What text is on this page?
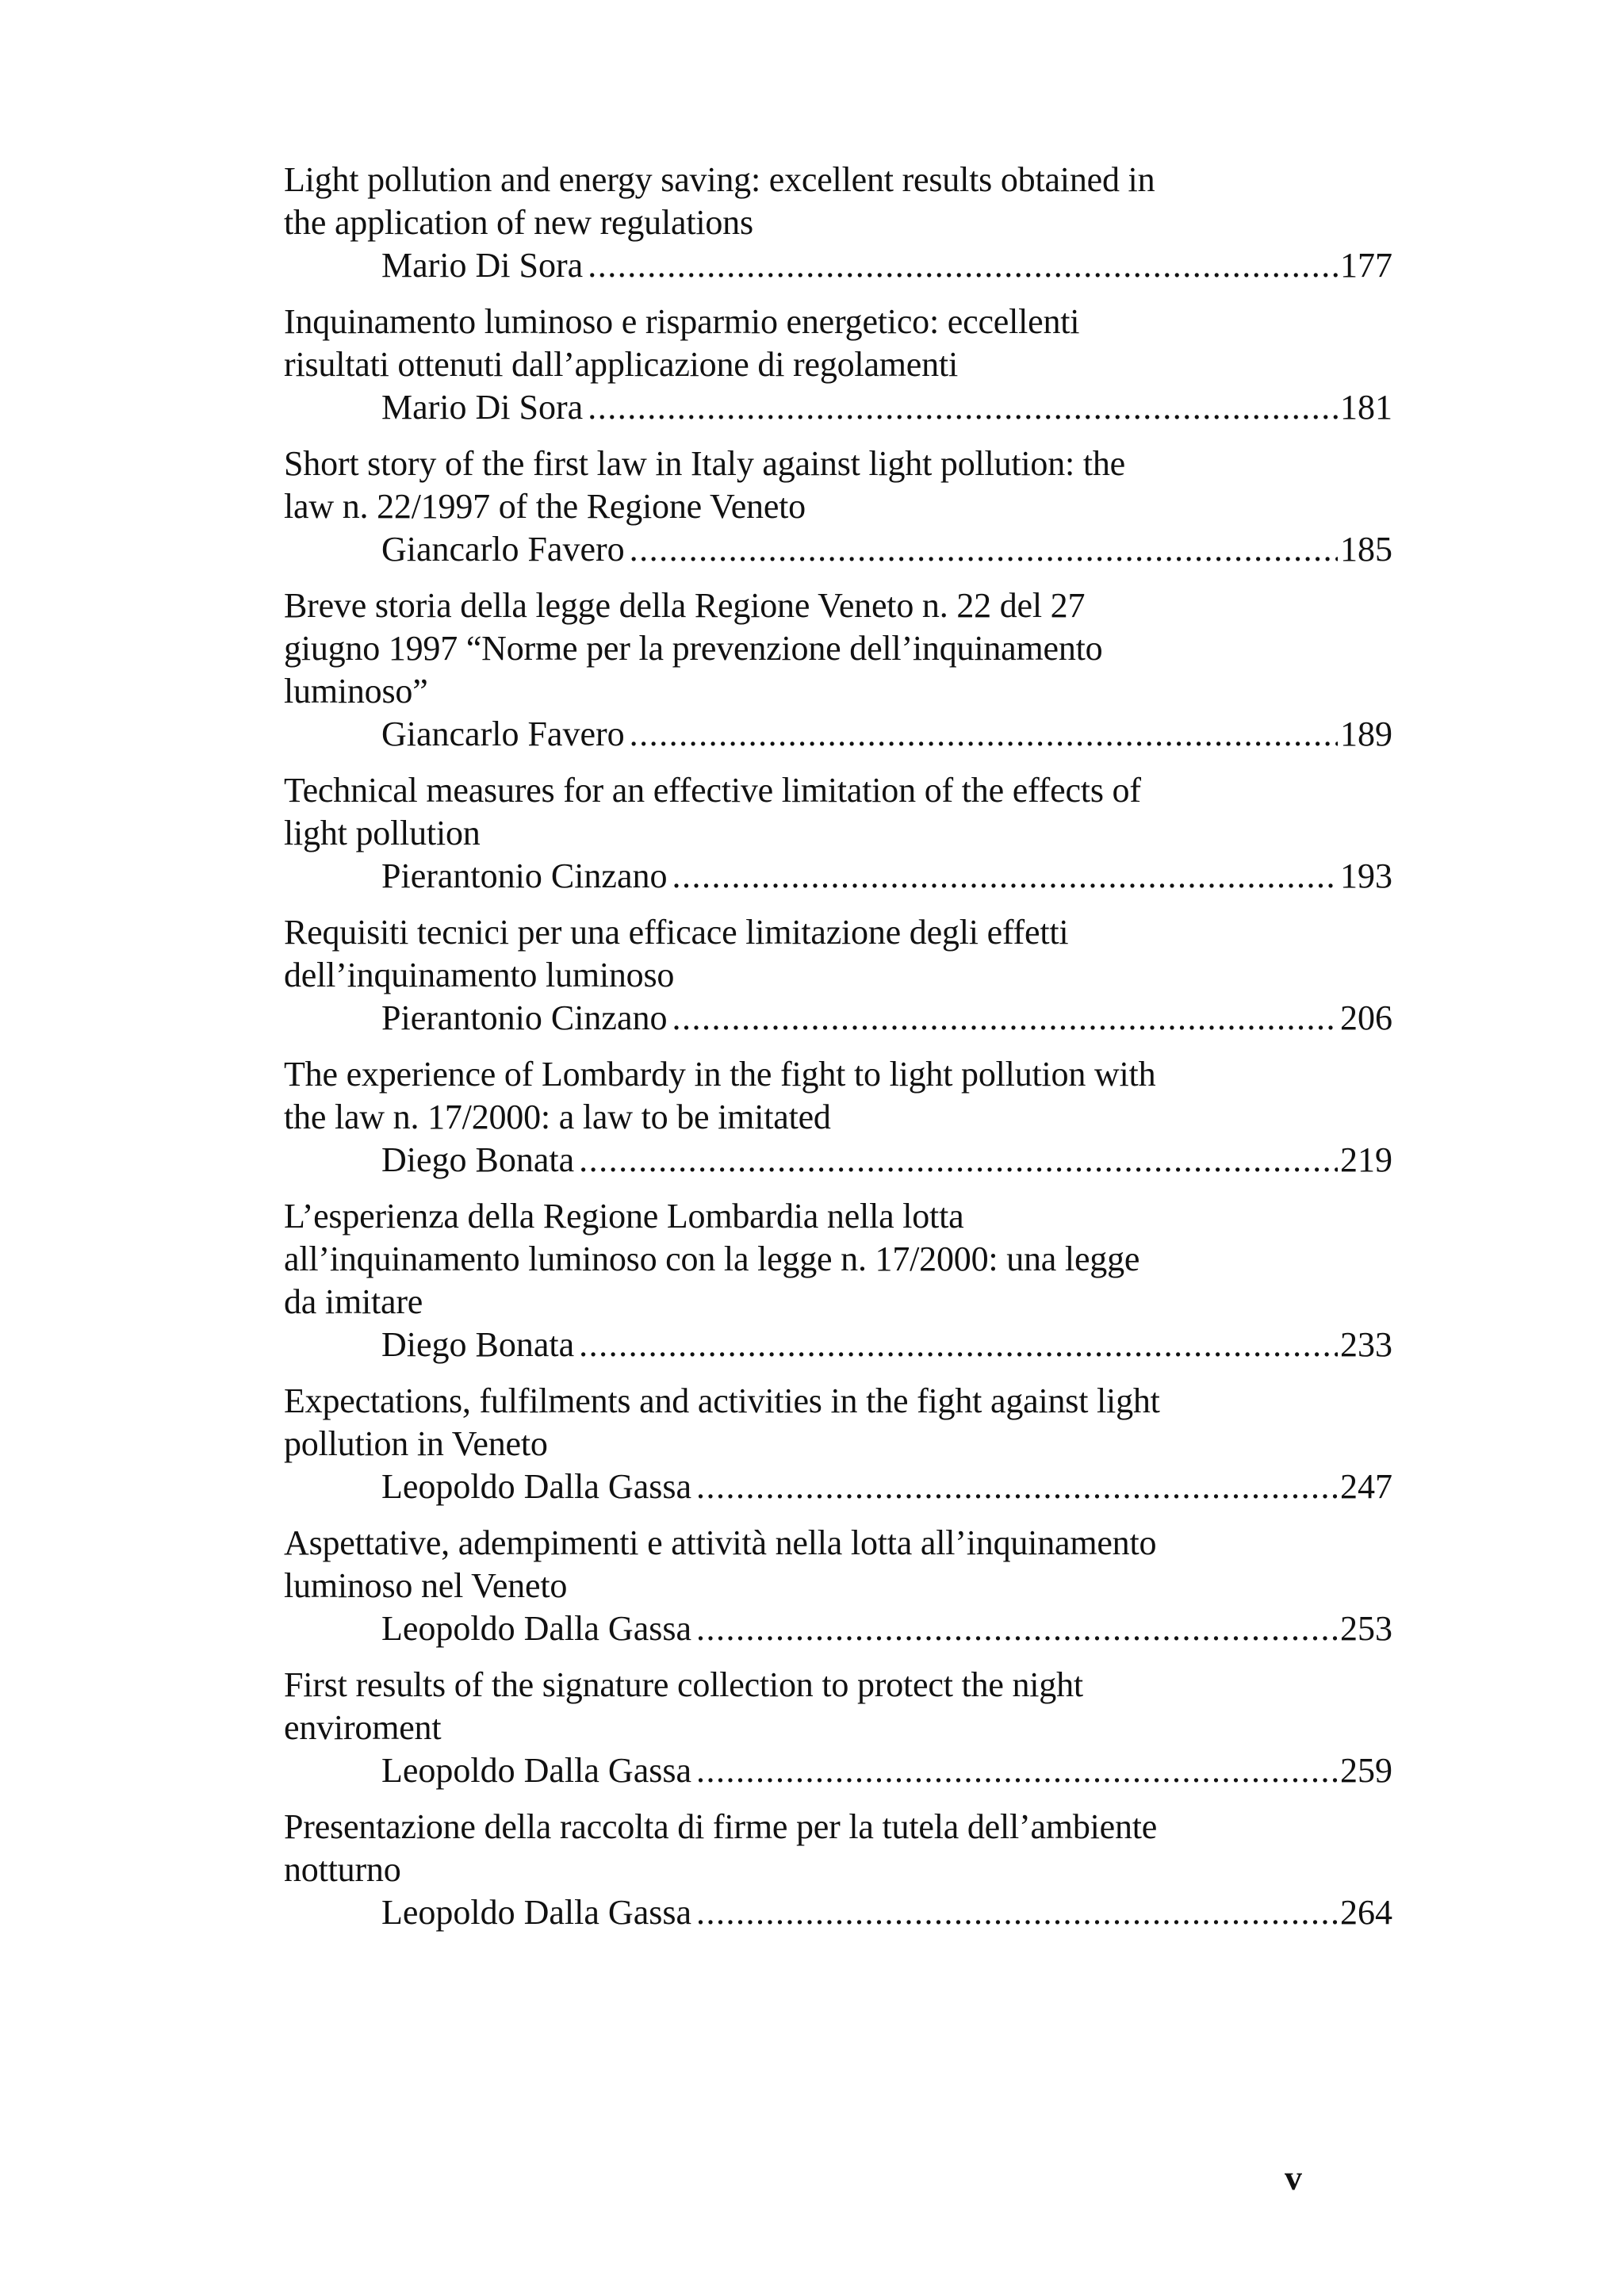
Light pollution and energy saving: excellent results obtained in
the application of new regulations
Mario Di Sora .....	177
Inquinamento luminoso e risparmio energetico: eccellenti
risultati ottenuti dall’applicazione di regolamenti
Mario Di Sora .....	181
Short story of the first law in Italy against light pollution: the
law n. 22/1997 of the Regione Veneto
Giancarlo Favero .....	185
Breve storia della legge della Regione Veneto n. 22 del 27
giugno 1997 “Norme per la prevenzione dell’inquinamento
luminoso”
Giancarlo Favero .....	189
Technical measures for an effective limitation of the effects of
light pollution
Pierantonio Cinzano .....	193
Requisiti tecnici per una efficace limitazione degli effetti
dell’inquinamento luminoso
Pierantonio Cinzano .....	206
The experience of Lombardy in the fight to light pollution with
the law n. 17/2000: a law to be imitated
Diego Bonata .....	219
L’esperienza della Regione Lombardia nella lotta
all’inquinamento luminoso con la legge n. 17/2000: una legge
da imitare
Diego Bonata .....	233
Expectations, fulfilments and activities in the fight against light
pollution in Veneto
Leopoldo Dalla Gassa .....	247
Aspettative, adempimenti e attività nella lotta all’inquinamento
luminoso nel Veneto
Leopoldo Dalla Gassa .....	253
First results of the signature collection to protect the night
enviroment
Leopoldo Dalla Gassa .....	259
Presentazione della raccolta di firme per la tutela dell’ambiente
notturno
Leopoldo Dalla Gassa .....	264
v
